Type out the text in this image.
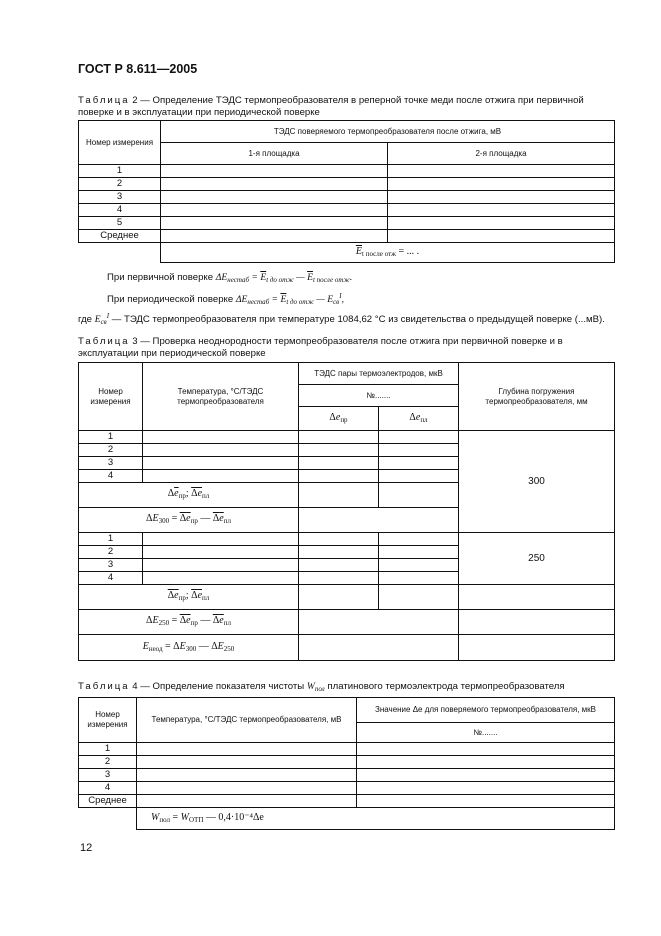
ГОСТ Р 8.611—2005
Таблица 2 — Определение ТЭДС термопреобразователя в реперной точке меди после отжига при первичной поверке и в эксплуатации при периодической поверке
Номер измерения	ТЭДС поверяемого термопреобразователя после отжига, мВ	
	1-я площадка	2-я площадка
1		
2		
3		
4		
5		
Среднее		
	$\overline{E}_{t после отж}$ = ... .	
При первичной поверке $\Delta E_{нестаб} = \overline{E}_{t до отж}$ — $\overline{E}_{t после отж}$.
При периодической поверке $\Delta E_{нестаб} = \overline{E}_{t до отж}$ — $E_{св}^I$,
где $E_{св}^I$ — ТЭДС термопреобразователя при температуре 1084,62 °С из свидетельства о предыдущей поверке (...мВ).
Таблица 3 — Проверка неоднородности термопреобразователя после отжига при первичной поверке и в эксплуатации при периодической поверке
Номер измерения	Температура, °С/ТЭДС термопреобразователя	ТЭДС пары термоэлектродов, мкВ		Глубина погружения термопреобразователя, мм
		№.......		
		$\Delta e_{пр}$	$\Delta e_{пл}$
1				300
2				
3				
4				
$\Delta\overline{e}_{пр}$; $\Delta e_{пл}$		
$\Delta E_{300} = \Delta e_{пр}$ — $\Delta e_{пл}$	
1				250
2				
3				
4				
$\Delta e_{пр}$; $\Delta e_{пл}$			
$\Delta E_{250} = \Delta e_{пр}$ — $\Delta e_{пл}$		
$E_{неод} = \Delta E_{300}$ — $\Delta E_{250}$		
Таблица 4 — Определение показателя чистоты $W_{пол}$ платинового термоэлектрода термопреобразователя
Номер измерения	Температура, °С/ТЭДС термопреобразователя, мВ	Значение Δe для поверяемого термопреобразователя, мкВ
		№.......
1		
2		
3		
4		
Среднее		
	$W_{пол} = W_{ОТП}$ — 0,4·10⁻⁴Δe	
12
